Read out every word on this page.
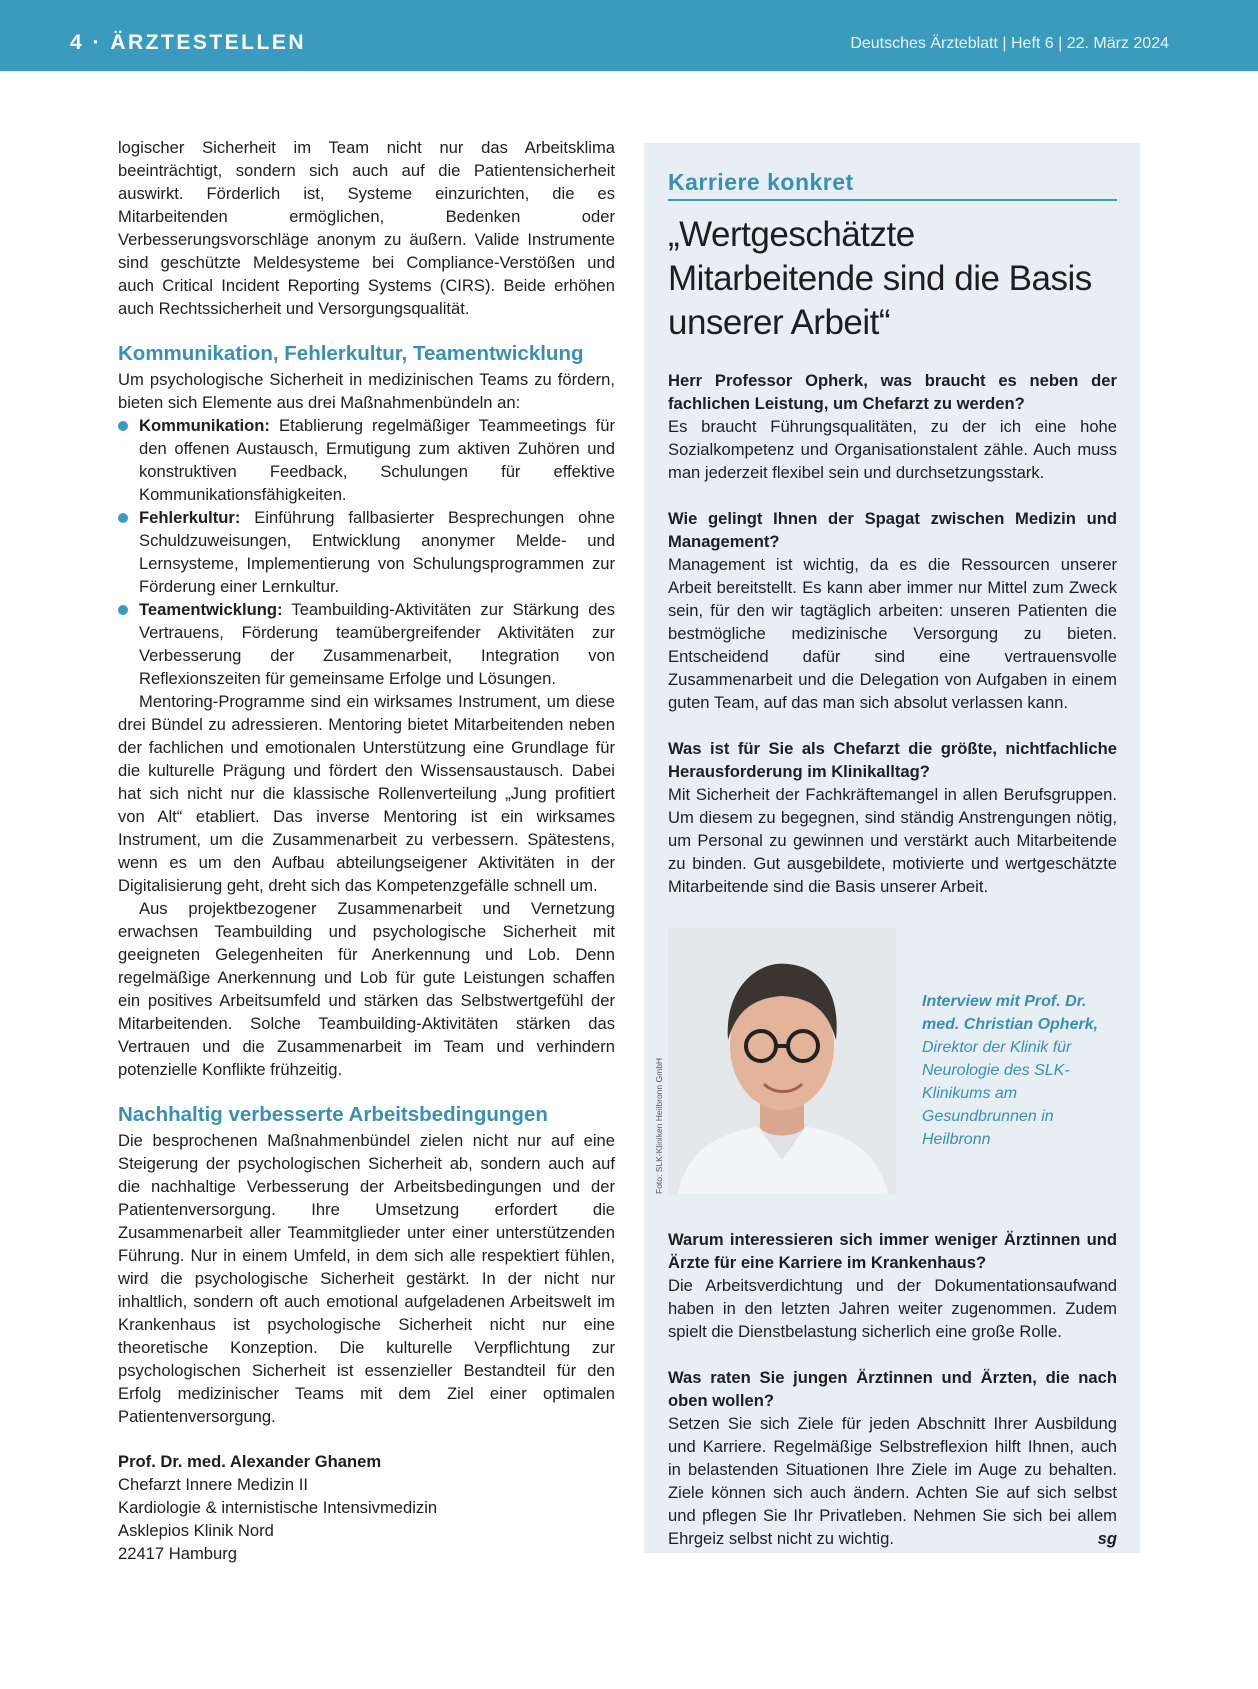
4 · ÄRZTESTELLEN	Deutsches Ärzteblatt | Heft 6 | 22. März 2024

logischer Sicherheit im Team nicht nur das Arbeitsklima beeinträchtigt, sondern sich auch auf die Patientensicherheit auswirkt. Förderlich ist, Systeme einzurichten, die es Mitarbeitenden ermöglichen, Bedenken oder Verbesserungsvorschläge anonym zu äußern. Valide Instrumente sind geschützte Meldesysteme bei Compliance-Verstößen und auch Critical Incident Reporting Systems (CIRS). Beide erhöhen auch Rechtssicherheit und Versorgungsqualität.

Kommunikation, Fehlerkultur, Teamentwicklung

Um psychologische Sicherheit in medizinischen Teams zu fördern, bieten sich Elemente aus drei Maßnahmenbündeln an:

Kommunikation: Etablierung regelmäßiger Teammeetings für den offenen Austausch, Ermutigung zum aktiven Zuhören und konstruktiven Feedback, Schulungen für effektive Kommunikationsfähigkeiten.
Fehlerkultur: Einführung fallbasierter Besprechungen ohne Schuldzuweisungen, Entwicklung anonymer Melde- und Lernsysteme, Implementierung von Schulungsprogrammen zur Förderung einer Lernkultur.
Teamentwicklung: Teambuilding-Aktivitäten zur Stärkung des Vertrauens, Förderung teamübergreifender Aktivitäten zur Verbesserung der Zusammenarbeit, Integration von Reflexionszeiten für gemeinsame Erfolge und Lösungen.

Mentoring-Programme sind ein wirksames Instrument, um diese drei Bündel zu adressieren. Mentoring bietet Mitarbeitenden neben der fachlichen und emotionalen Unterstützung eine Grundlage für die kulturelle Prägung und fördert den Wissensaustausch. Dabei hat sich nicht nur die klassische Rollenverteilung „Jung profitiert von Alt“ etabliert. Das inverse Mentoring ist ein wirksames Instrument, um die Zusammenarbeit zu verbessern. Spätestens, wenn es um den Aufbau abteilungseigener Aktivitäten in der Digitalisierung geht, dreht sich das Kompetenzgefälle schnell um.

Aus projektbezogener Zusammenarbeit und Vernetzung erwachsen Teambuilding und psychologische Sicherheit mit geeigneten Gelegenheiten für Anerkennung und Lob. Denn regelmäßige Anerkennung und Lob für gute Leistungen schaffen ein positives Arbeitsumfeld und stärken das Selbstwertgefühl der Mitarbeitenden. Solche Teambuilding-Aktivitäten stärken das Vertrauen und die Zusammenarbeit im Team und verhindern potenzielle Konflikte frühzeitig.

Nachhaltig verbesserte Arbeitsbedingungen

Die besprochenen Maßnahmenbündel zielen nicht nur auf eine Steigerung der psychologischen Sicherheit ab, sondern auch auf die nachhaltige Verbesserung der Arbeitsbedingungen und der Patientenversorgung. Ihre Umsetzung erfordert die Zusammenarbeit aller Teammitglieder unter einer unterstützenden Führung. Nur in einem Umfeld, in dem sich alle respektiert fühlen, wird die psychologische Sicherheit gestärkt. In der nicht nur inhaltlich, sondern oft auch emotional aufgeladenen Arbeitswelt im Krankenhaus ist psychologische Sicherheit nicht nur eine theoretische Konzeption. Die kulturelle Verpflichtung zur psychologischen Sicherheit ist essenzieller Bestandteil für den Erfolg medizinischer Teams mit dem Ziel einer optimalen Patientenversorgung.

Prof. Dr. med. Alexander Ghanem

Chefarzt Innere Medizin II

Kardiologie & internistische Intensivmedizin

Asklepios Klinik Nord

22417 Hamburg

Karriere konkret
„Wertgeschätzte Mitarbeitende sind die Basis unserer Arbeit“

Herr Professor Opherk, was braucht es neben der fachlichen Leistung, um Chefarzt zu werden?

Es braucht Führungsqualitäten, zu der ich eine hohe Sozialkompetenz und Organisationstalent zähle. Auch muss man jederzeit flexibel sein und durchsetzungsstark.

Wie gelingt Ihnen der Spagat zwischen Medizin und Management?

Management ist wichtig, da es die Ressourcen unserer Arbeit bereitstellt. Es kann aber immer nur Mittel zum Zweck sein, für den wir tagtäglich arbeiten: unseren Patienten die bestmögliche medizinische Versorgung zu bieten. Entscheidend dafür sind eine vertrauensvolle Zusammenarbeit und die Delegation von Aufgaben in einem guten Team, auf das man sich absolut verlassen kann.

Was ist für Sie als Chefarzt die größte, nichtfachliche Herausforderung im Klinikalltag?

Mit Sicherheit der Fachkräftemangel in allen Berufsgruppen. Um diesem zu begegnen, sind ständig Anstrengungen nötig, um Personal zu gewinnen und verstärkt auch Mitarbeitende zu binden. Gut ausgebildete, motivierte und wertgeschätzte Mitarbeitende sind die Basis unserer Arbeit.

Foto: SLK-Kliniken Heilbronn GmbH
Interview mit Prof. Dr. med. Christian Opherk, Direktor der Klinik für Neurologie des SLK-Klinikums am Gesundbrunnen in Heilbronn

Warum interessieren sich immer weniger Ärztinnen und Ärzte für eine Karriere im Krankenhaus?

Die Arbeitsverdichtung und der Dokumentationsaufwand haben in den letzten Jahren weiter zugenommen. Zudem spielt die Dienstbelastung sicherlich eine große Rolle.

Was raten Sie jungen Ärztinnen und Ärzten, die nach oben wollen?

Setzen Sie sich Ziele für jeden Abschnitt Ihrer Ausbildung und Karriere. Regelmäßige Selbstreflexion hilft Ihnen, auch in belastenden Situationen Ihre Ziele im Auge zu behalten. Ziele können sich auch ändern. Achten Sie auf sich selbst und pflegen Sie Ihr Privatleben. Nehmen Sie sich bei allem Ehrgeiz selbst nicht zu wichtig.	sg
